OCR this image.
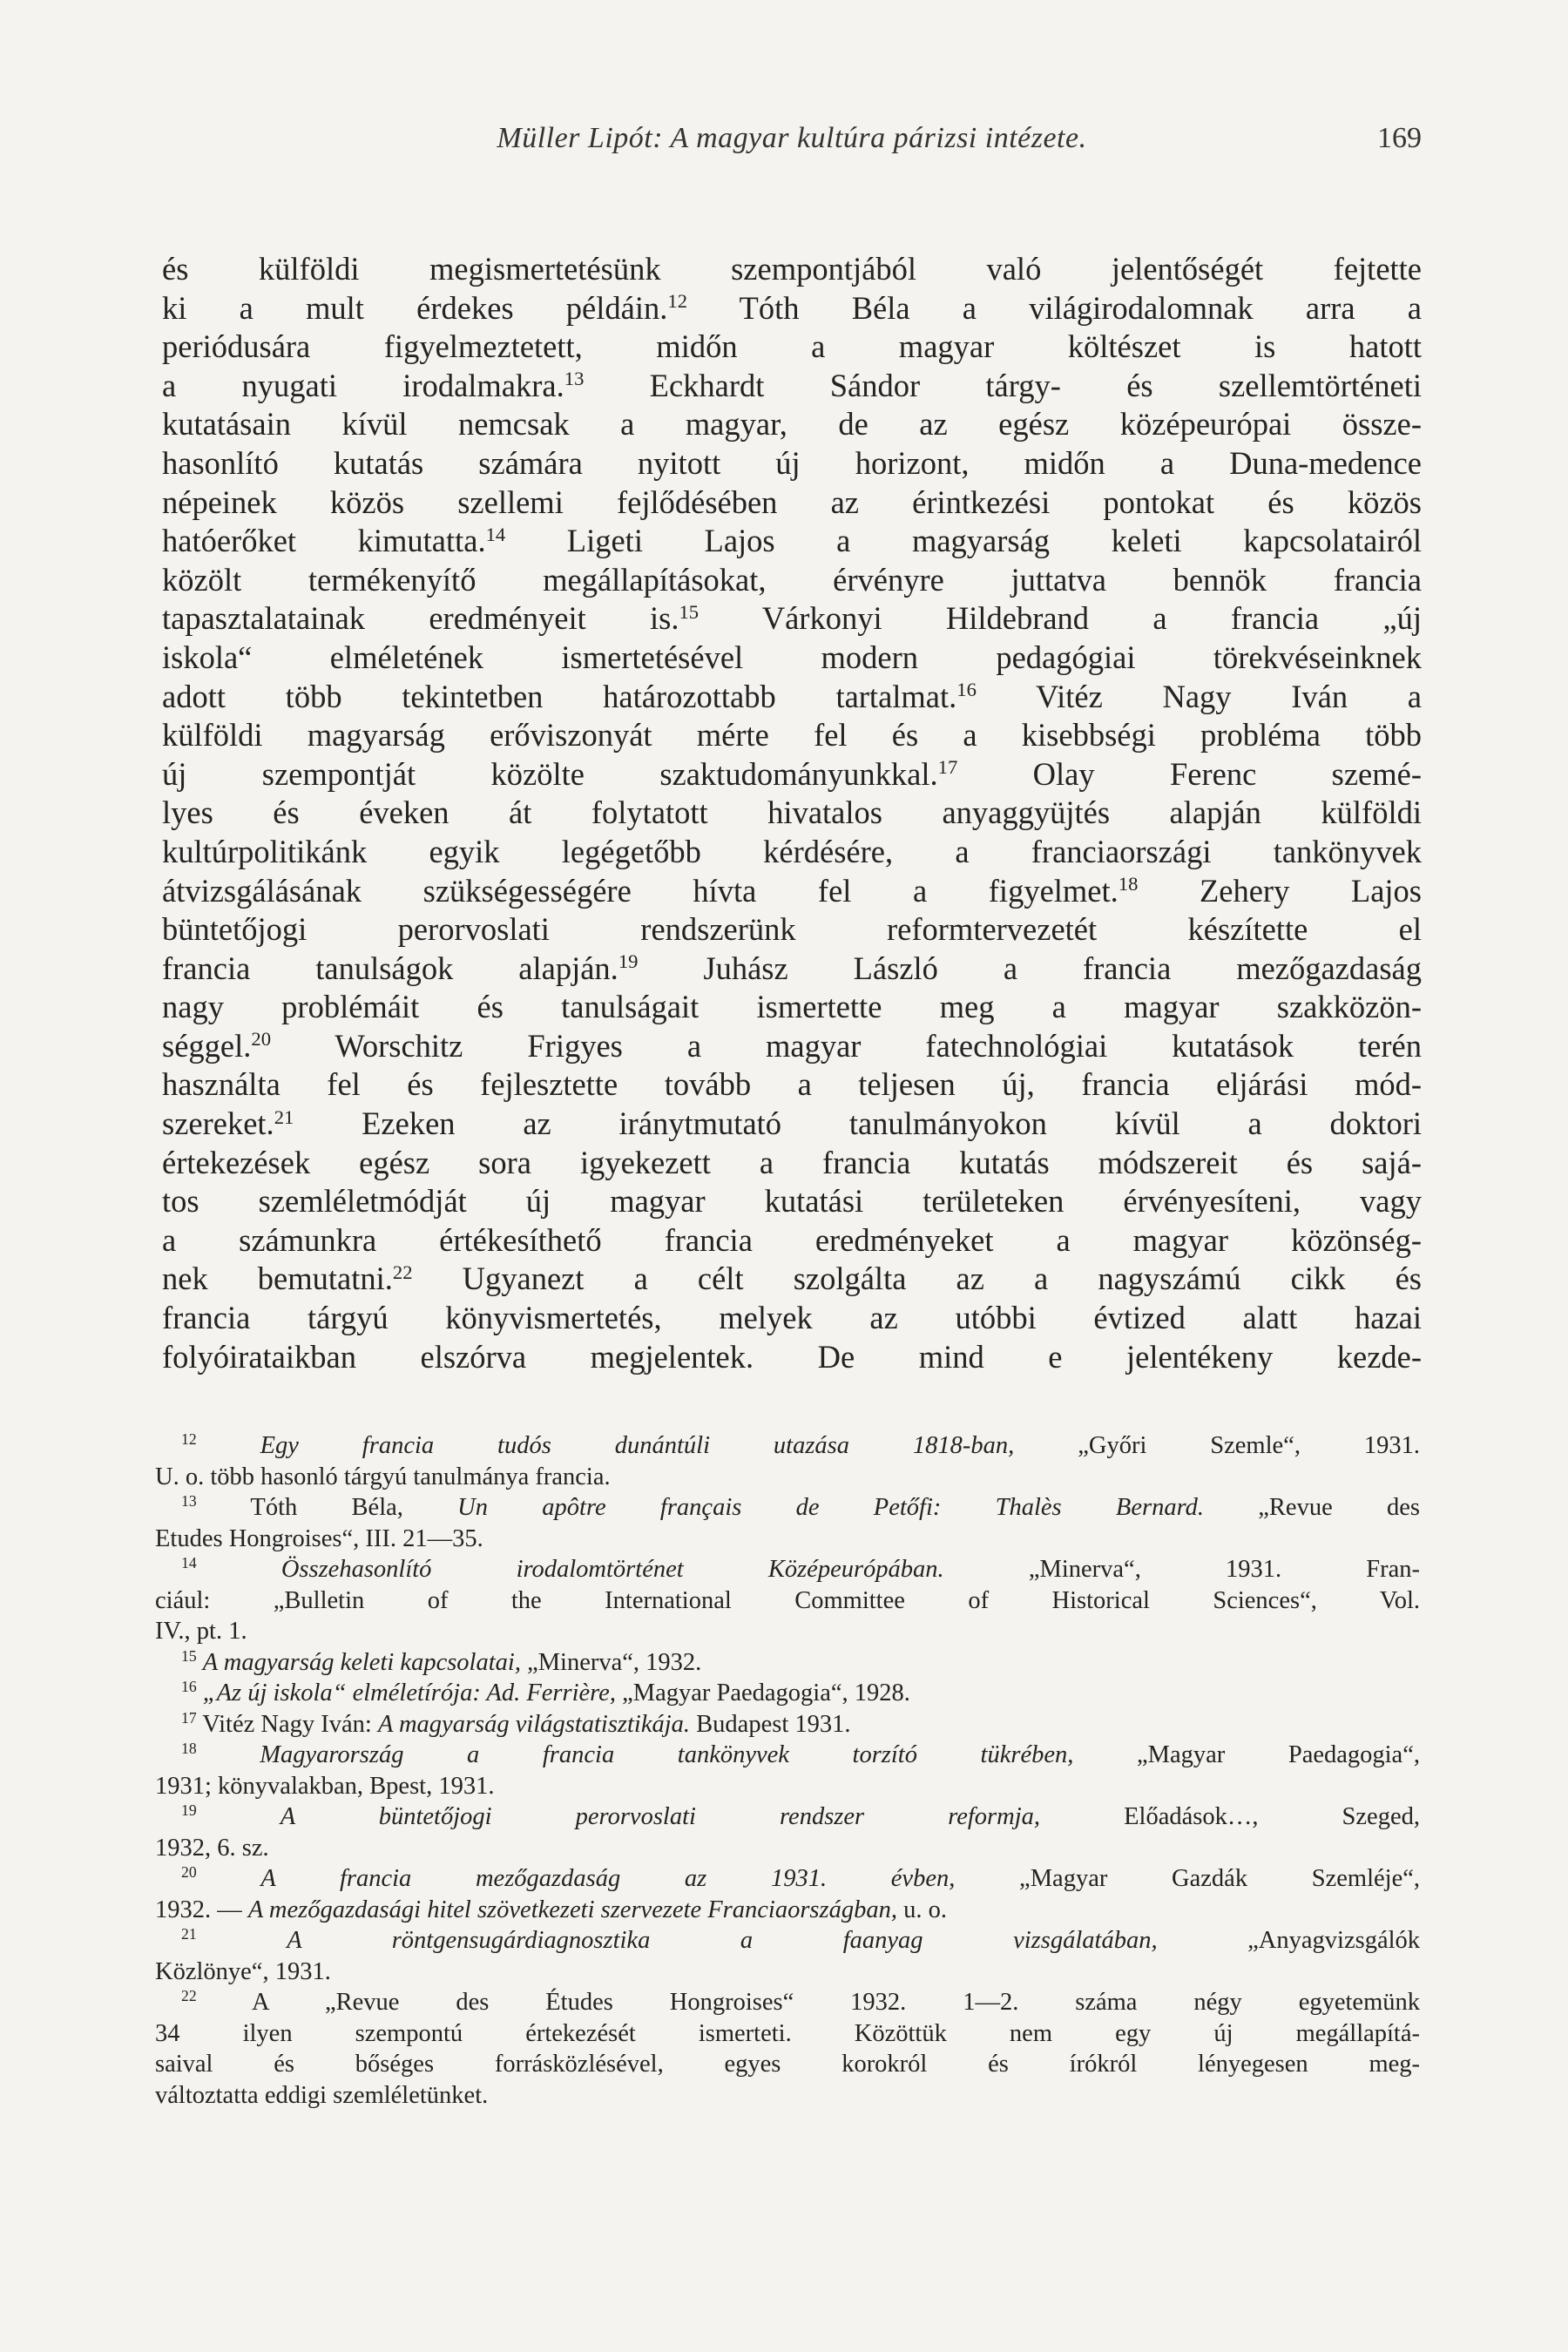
Müller Lipót: A magyar kultúra párizsi intézete.	169
és külföldi megismertetésünk szempontjából való jelentőségét fejtette
ki a mult érdekes példáin.$^{12}$ Tóth Béla a világirodalomnak arra a
periódusára figyelmeztetett, midőn a magyar költészet is hatott
a nyugati irodalmakra.$^{13}$ Eckhardt Sándor tárgy- és szellemtörténeti
kutatásain kívül nemcsak a magyar, de az egész középeurópai össze-
hasonlító kutatás számára nyitott új horizont, midőn a Duna-medence
népeinek közös szellemi fejlődésében az érintkezési pontokat és közös
hatóerőket kimutatta.$^{14}$ Ligeti Lajos a magyarság keleti kapcsolatairól
közölt termékenyítő megállapításokat, érvényre juttatva bennök francia
tapasztalatainak eredményeit is.$^{15}$ Várkonyi Hildebrand a francia „új
iskola“ elméletének ismertetésével modern pedagógiai törekvéseinknek
adott több tekintetben határozottabb tartalmat.$^{16}$ Vitéz Nagy Iván a
külföldi magyarság erőviszonyát mérte fel és a kisebbségi probléma több
új szempontját közölte szaktudományunkkal.$^{17}$ Olay Ferenc szemé-
lyes és éveken át folytatott hivatalos anyaggyüjtés alapján külföldi
kultúrpolitikánk egyik legégetőbb kérdésére, a franciaországi tankönyvek
átvizsgálásának szükségességére hívta fel a figyelmet.$^{18}$ Zehery Lajos
büntetőjogi perorvoslati rendszerünk reformtervezetét készítette el
francia tanulságok alapján.$^{19}$ Juhász László a francia mezőgazdaság
nagy problémáit és tanulságait ismertette meg a magyar szakközön-
séggel.$^{20}$ Worschitz Frigyes a magyar fatechnológiai kutatások terén
használta fel és fejlesztette tovább a teljesen új, francia eljárási mód-
szereket.$^{21}$ Ezeken az iránytmutató tanulmányokon kívül a doktori
értekezések egész sora igyekezett a francia kutatás módszereit és sajá-
tos szemléletmódját új magyar kutatási területeken érvényesíteni, vagy
a számunkra értékesíthető francia eredményeket a magyar közönség-
nek bemutatni.$^{22}$ Ugyanezt a célt szolgálta az a nagyszámú cikk és
francia tárgyú könyvismertetés, melyek az utóbbi évtized alatt hazai
folyóirataikban elszórva megjelentek. De mind e jelentékeny kezde-
$^{12}$	Egy francia tudós dunántúli utazása 1818-ban, „Győri Szemle“, 1931.
U. o. több hasonló tárgyú tanulmánya francia.
$^{13}$ Tóth Béla, Un apôtre français de Petőfi: Thalès Bernard. „Revue des
Etudes Hongroises“, III. 21—35.
$^{14}$	Összehasonlító irodalomtörténet Középeurópában. „Minerva“, 1931. Fran-
ciául: „Bulletin of the International Committee of Historical Sciences“, Vol.
IV., pt. 1.
$^{15}$ A magyarság keleti kapcsolatai, „Minerva“, 1932.
$^{16}$ „Az új iskola“ elméletírója: Ad. Ferrière, „Magyar Paedagogia“, 1928.
$^{17}$ Vitéz Nagy Iván: A magyarság világstatisztikája. Budapest 1931.
$^{18}$	Magyarország a francia tankönyvek torzító tükrében, „Magyar Paedagogia“,
1931; könyvalakban, Bpest, 1931.
$^{19}$	A büntetőjogi perorvoslati rendszer reformja, Előadások…, Szeged,
1932, 6. sz.
$^{20}$	A francia mezőgazdaság az 1931. évben, „Magyar Gazdák Szemléje“,
1932. — A mezőgazdasági hitel szövetkezeti szervezete Franciaországban, u. o.
$^{21}$	A röntgensugárdiagnosztika a faanyag vizsgálatában, „Anyagvizsgálók
Közlönye“, 1931.
$^{22}$ A „Revue des Études Hongroises“ 1932. 1—2. száma négy egyetemünk
34 ilyen szempontú értekezését ismerteti. Közöttük nem egy új megállapítá-
saival és bőséges forrásközlésével, egyes korokról és írókról lényegesen meg-
változtatta eddigi szemléletünket.
